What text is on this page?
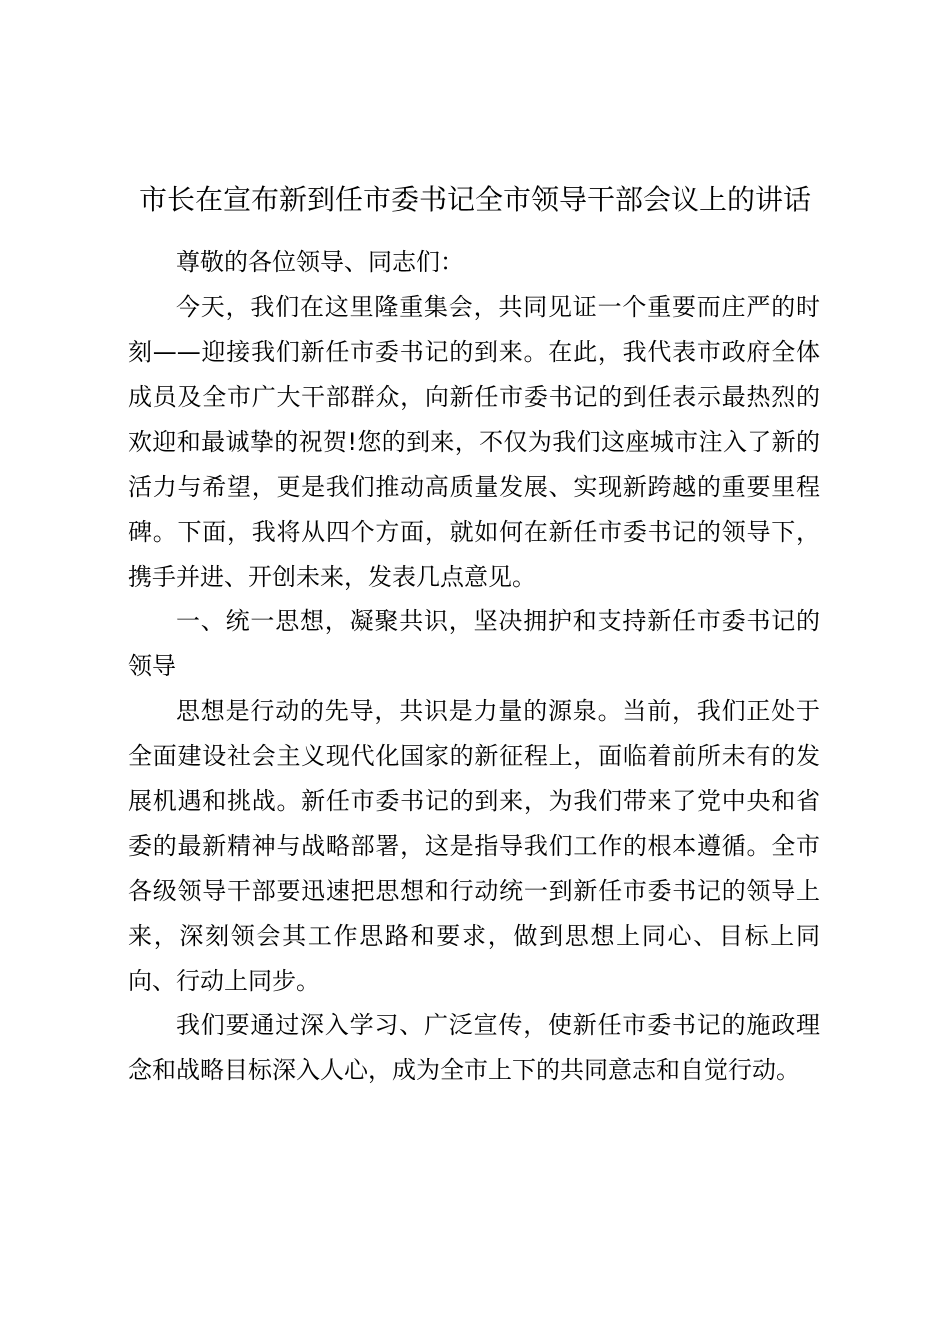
市长在宣布新到任市委书记全市领导干部会议上的讲话

尊敬的各位领导、同志们：

今天，我们在这里隆重集会，共同见证一个重要而庄严的时刻——迎接我们新任市委书记的到来。在此，我代表市政府全体成员及全市广大干部群众，向新任市委书记的到任表示最热烈的欢迎和最诚挚的祝贺!您的到来，不仅为我们这座城市注入了新的活力与希望，更是我们推动高质量发展、实现新跨越的重要里程碑。下面，我将从四个方面，就如何在新任市委书记的领导下，携手并进、开创未来，发表几点意见。

一、统一思想，凝聚共识，坚决拥护和支持新任市委书记的领导

思想是行动的先导，共识是力量的源泉。当前，我们正处于全面建设社会主义现代化国家的新征程上，面临着前所未有的发展机遇和挑战。新任市委书记的到来，为我们带来了党中央和省委的最新精神与战略部署，这是指导我们工作的根本遵循。全市各级领导干部要迅速把思想和行动统一到新任市委书记的领导上来，深刻领会其工作思路和要求，做到思想上同心、目标上同向、行动上同步。

我们要通过深入学习、广泛宣传，使新任市委书记的施政理念和战略目标深入人心，成为全市上下的共同意志和自觉行动。
